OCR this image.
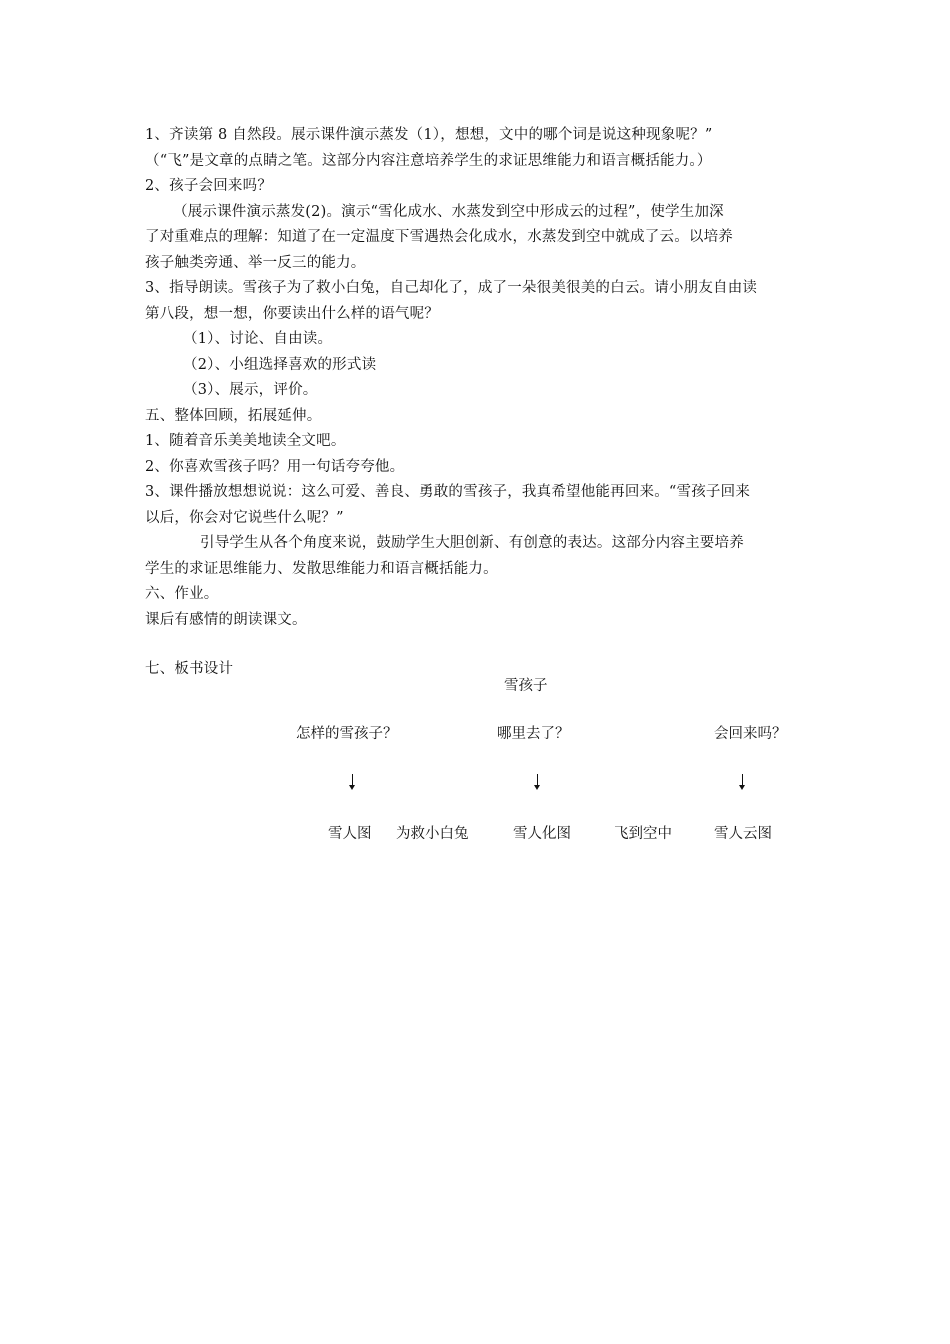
1、齐读第 8 自然段。展示课件演示蒸发（1），想想，文中的哪个词是说这种现象呢？”
（“飞”是文章的点睛之笔。这部分内容注意培养学生的求证思维能力和语言概括能力。）
2、孩子会回来吗？
（展示课件演示蒸发(2)。演示“雪化成水、水蒸发到空中形成云的过程”，使学生加深
了对重难点的理解：知道了在一定温度下雪遇热会化成水，水蒸发到空中就成了云。以培养
孩子触类旁通、举一反三的能力。
3、指导朗读。雪孩子为了救小白兔，自己却化了，成了一朵很美很美的白云。请小朋友自由读
第八段，想一想，你要读出什么样的语气呢？
（1）、讨论、自由读。
（2）、小组选择喜欢的形式读
（3）、展示，评价。
五、整体回顾，拓展延伸。
1、随着音乐美美地读全文吧。
2、你喜欢雪孩子吗？用一句话夸夸他。
3、课件播放想想说说：这么可爱、善良、勇敢的雪孩子，我真希望他能再回来。“雪孩子回来
以后，你会对它说些什么呢？”
引导学生从各个角度来说，鼓励学生大胆创新、有创意的表达。这部分内容主要培养
学生的求证思维能力、发散思维能力和语言概括能力。
六、作业。
课后有感情的朗读课文。
七、板书设计
雪孩子
怎样的雪孩子？	哪里去了？	会回来吗？
雪人图 为救小白兔	雪人化图	飞到空中	雪人云图
